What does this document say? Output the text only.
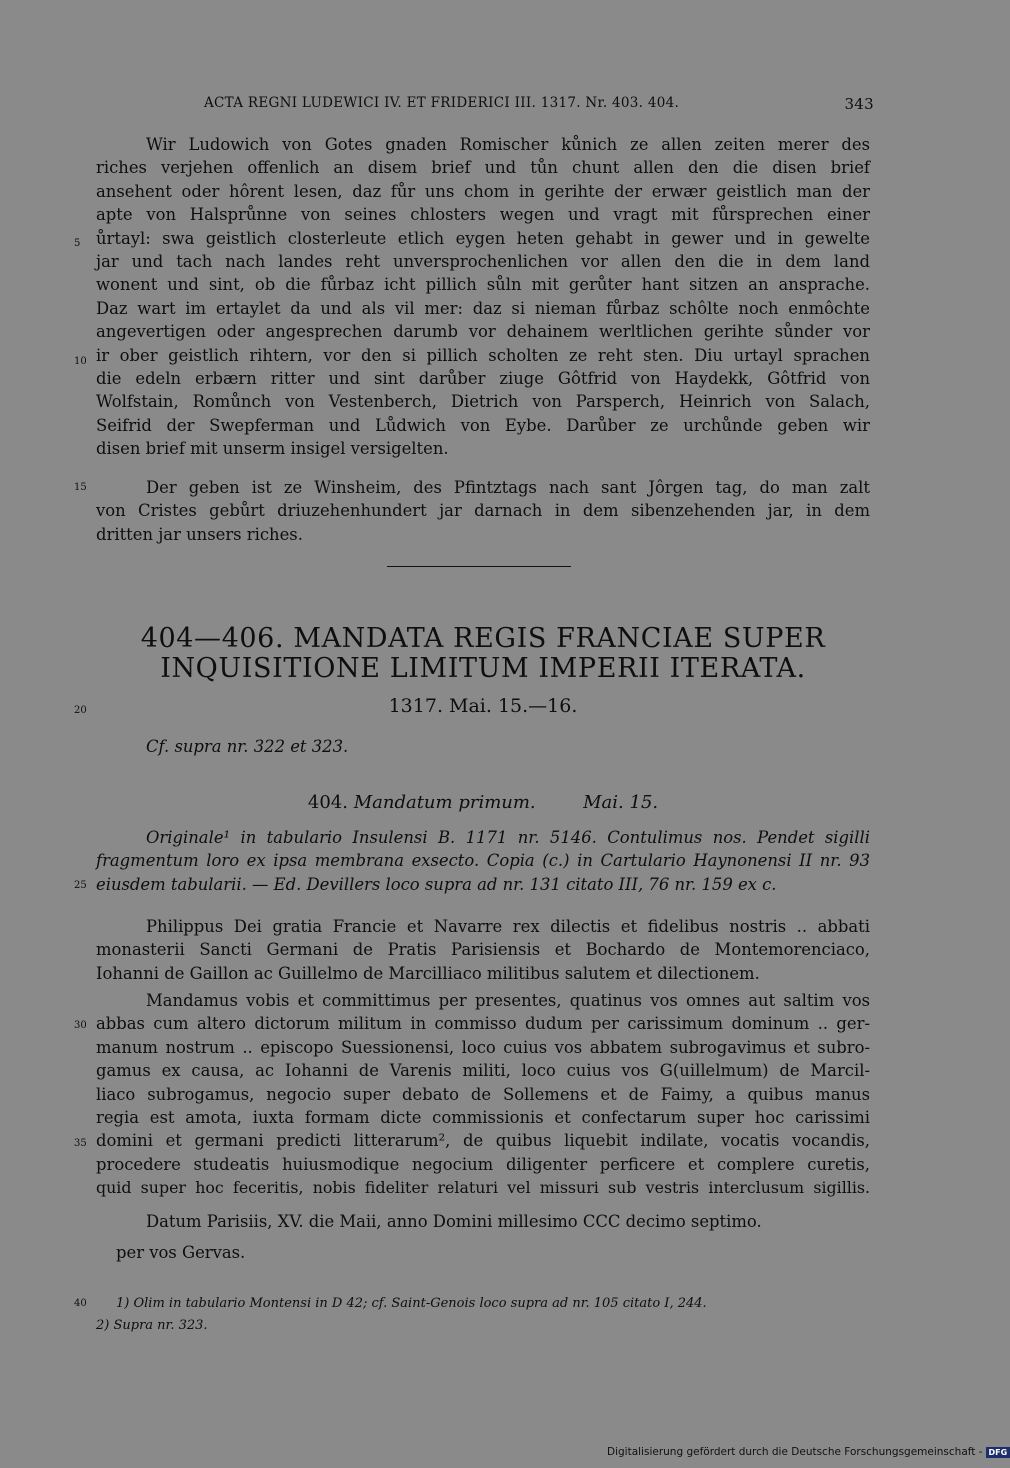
ACTA REGNI LUDEWICI IV. ET FRIDERICI III. 1317. Nr. 403. 404.	343
Wir Ludowich von Gotes gnaden Romischer kůnich ze allen zeiten merer des
riches verjehen offenlich an disem brief und tůn chunt allen den die disen brief
ansehent oder hôrent lesen, daz fůr uns chom in gerihte der erwær geistlich man der
apte von Halsprůnne von seines chlosters wegen und vragt mit fůrsprechen einer
ůrtayl: swa geistlich closterleute etlich eygen heten gehabt in gewer und in gewelte
jar und tach nach landes reht unversprochenlichen vor allen den die in dem land
wonent und sint, ob die fůrbaz icht pillich sůln mit gerůter hant sitzen an ansprache.
Daz wart im ertaylet da und als vil mer: daz si nieman fůrbaz schôlte noch enmôchte
angevertigen oder angesprechen darumb vor dehainem werltlichen gerihte sůnder vor
ir ober geistlich rihtern, vor den si pillich scholten ze reht sten. Diu urtayl sprachen
die edeln erbærn ritter und sint darůber ziuge Gôtfrid von Haydekk, Gôtfrid von
Wolfstain, Romůnch von Vestenberch, Dietrich von Parsperch, Heinrich von Salach,
Seifrid der Swepferman und Lůdwich von Eybe. Darůber ze urchůnde geben wir
disen brief mit unserm insigel versigelten.
Der geben ist ze Winsheim, des Pfintztags nach sant Jôrgen tag, do man zalt
von Cristes gebůrt driuzehenhundert jar darnach in dem sibenzehenden jar, in dem
dritten jar unsers riches.
404—406. MANDATA REGIS FRANCIAE SUPER
INQUISITIONE LIMITUM IMPERII ITERATA.
1317. Mai. 15.—16.
Cf. supra nr. 322 et 323.
404. Mandatum primum.	Mai. 15.
Originale¹ in tabulario Insulensi B. 1171 nr. 5146. Contulimus nos. Pendet sigilli
fragmentum loro ex ipsa membrana exsecto. Copia (c.) in Cartulario Haynonensi II nr. 93
eiusdem tabularii. — Ed. Devillers loco supra ad nr. 131 citato III, 76 nr. 159 ex c.
Philippus Dei gratia Francie et Navarre rex dilectis et fidelibus nostris .. abbati
monasterii Sancti Germani de Pratis Parisiensis et Bochardo de Montemorenciaco,
Iohanni de Gaillon ac Guillelmo de Marcilliaco militibus salutem et dilectionem.
Mandamus vobis et committimus per presentes, quatinus vos omnes aut saltim vos
abbas cum altero dictorum militum in commisso dudum per carissimum dominum .. ger-
manum nostrum .. episcopo Suessionensi, loco cuius vos abbatem subrogavimus et subro-
gamus ex causa, ac Iohanni de Varenis militi, loco cuius vos G(uillelmum) de Marcil-
liaco subrogamus, negocio super debato de Sollemens et de Faimy, a quibus manus
regia est amota, iuxta formam dicte commissionis et confectarum super hoc carissimi
domini et germani predicti litterarum², de quibus liquebit indilate, vocatis vocandis,
procedere studeatis huiusmodique negocium diligenter perficere et complere curetis,
quid super hoc feceritis, nobis fideliter relaturi vel missuri sub vestris interclusum sigillis.
Datum Parisiis, XV. die Maii, anno Domini millesimo CCC decimo septimo.
per vos Gervas.
1) Olim in tabulario Montensi in D 42; cf. Saint-Genois loco supra ad nr. 105 citato I, 244.
2) Supra nr. 323.
5
10
15
20
25
30
35
40
Digitalisierung gefördert durch die Deutsche Forschungsgemeinschaft - DFG
